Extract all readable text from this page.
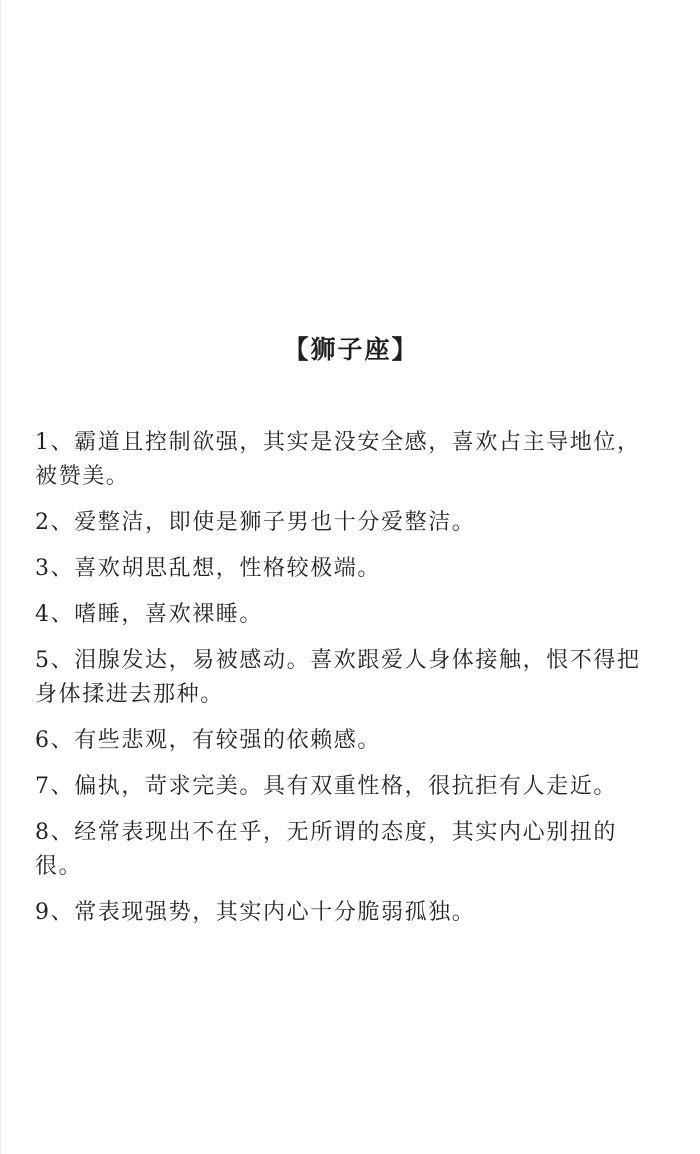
【狮子座】
1、霸道且控制欲强，其实是没安全感，喜欢占主导地位，被赞美。
2、爱整洁，即使是狮子男也十分爱整洁。
3、喜欢胡思乱想，性格较极端。
4、嗜睡，喜欢裸睡。
5、泪腺发达，易被感动。喜欢跟爱人身体接触，恨不得把身体揉进去那种。
6、有些悲观，有较强的依赖感。
7、偏执，苛求完美。具有双重性格，很抗拒有人走近。
8、经常表现出不在乎，无所谓的态度，其实内心别扭的很。
9、常表现强势，其实内心十分脆弱孤独。
